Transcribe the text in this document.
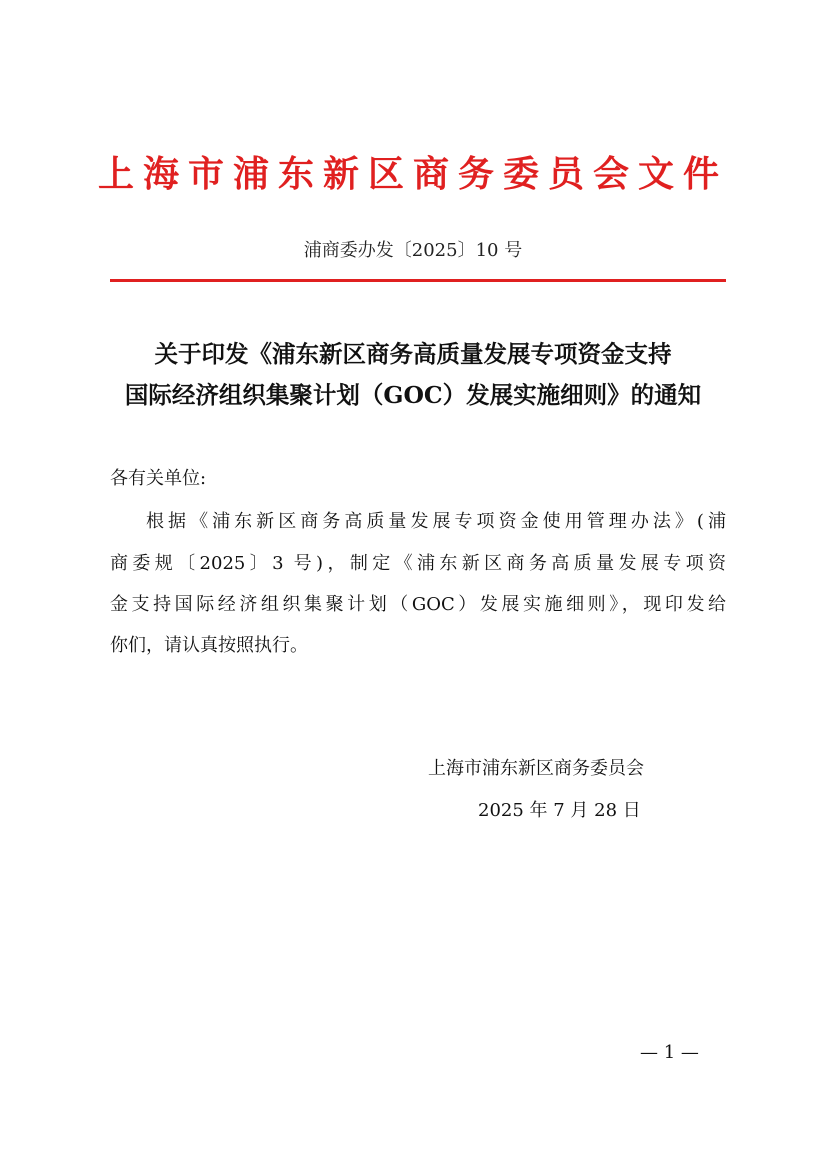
上海市浦东新区商务委员会文件
浦商委办发〔2025〕10 号
关于印发《浦东新区商务高质量发展专项资金支持
国际经济组织集聚计划（GOC）发展实施细则》的通知
各有关单位:
根据《浦东新区商务高质量发展专项资金使用管理办法》(浦
商委规〔2025〕3 号)，制定《浦东新区商务高质量发展专项资
金支持国际经济组织集聚计划（GOC）发展实施细则》，现印发给
你们，请认真按照执行。
上海市浦东新区商务委员会
2025 年 7 月 28 日
— 1 —
